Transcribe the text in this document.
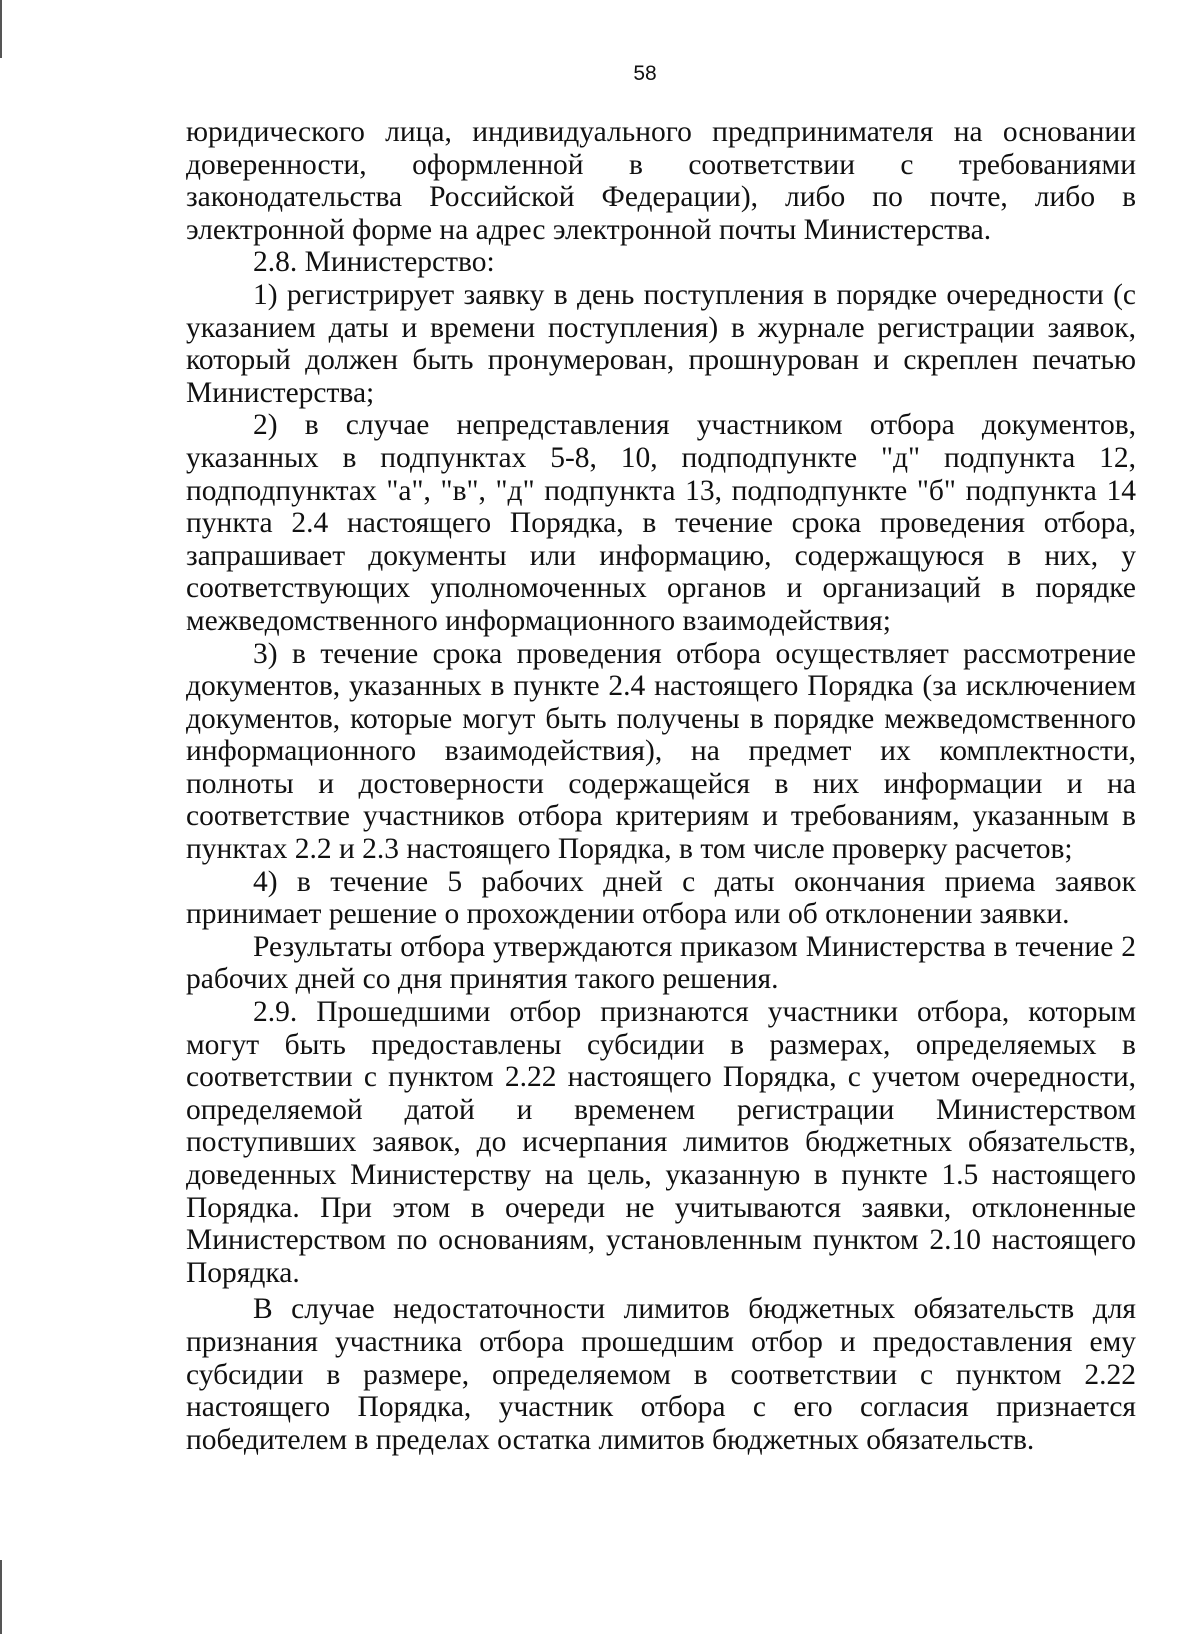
58

юридического лица, индивидуального предпринимателя на основании доверенности, оформленной в соответствии с требованиями законодательства Российской Федерации), либо по почте, либо в электронной форме на адрес электронной почты Министерства.

2.8. Министерство:

1) регистрирует заявку в день поступления в порядке очередности (с указанием даты и времени поступления) в журнале регистрации заявок, который должен быть пронумерован, прошнурован и скреплен печатью Министерства;

2) в случае непредставления участником отбора документов, указанных в подпунктах 5-8, 10, подподпункте "д" подпункта 12, подподпунктах "а", "в", "д" подпункта 13, подподпункте "б" подпункта 14 пункта 2.4 настоящего Порядка, в течение срока проведения отбора, запрашивает документы или информацию, содержащуюся в них, у соответствующих уполномоченных органов и организаций в порядке межведомственного информационного взаимодействия;

3) в течение срока проведения отбора осуществляет рассмотрение документов, указанных в пункте 2.4 настоящего Порядка (за исключением документов, которые могут быть получены в порядке межведомственного информационного взаимодействия), на предмет их комплектности, полноты и достоверности содержащейся в них информации и на соответствие участников отбора критериям и требованиям, указанным в пунктах 2.2 и 2.3 настоящего Порядка, в том числе проверку расчетов;

4) в течение 5 рабочих дней с даты окончания приема заявок принимает решение о прохождении отбора или об отклонении заявки.

Результаты отбора утверждаются приказом Министерства в течение 2 рабочих дней со дня принятия такого решения.

2.9. Прошедшими отбор признаются участники отбора, которым могут быть предоставлены субсидии в размерах, определяемых в соответствии с пунктом 2.22 настоящего Порядка, с учетом очередности, определяемой датой и временем регистрации Министерством поступивших заявок, до исчерпания лимитов бюджетных обязательств, доведенных Министерству на цель, указанную в пункте 1.5 настоящего Порядка. При этом в очереди не учитываются заявки, отклоненные Министерством по основаниям, установленным пунктом 2.10 настоящего Порядка.

В случае недостаточности лимитов бюджетных обязательств для признания участника отбора прошедшим отбор и предоставления ему субсидии в размере, определяемом в соответствии с пунктом 2.22 настоящего Порядка, участник отбора с его согласия признается победителем в пределах остатка лимитов бюджетных обязательств.
